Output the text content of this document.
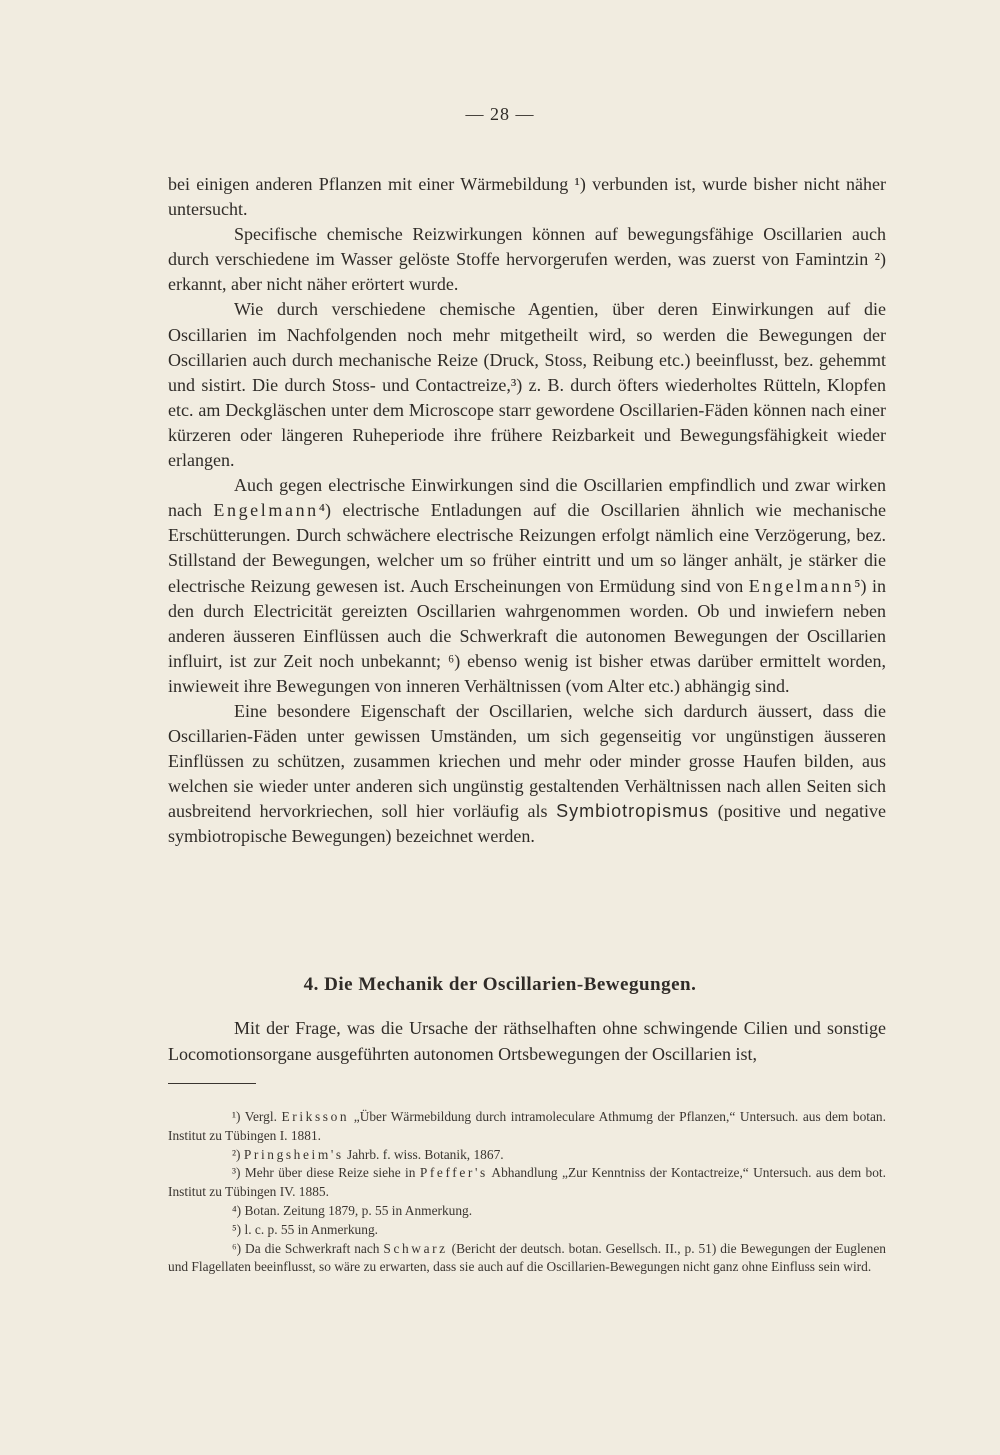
— 28 —

bei einigen anderen Pflanzen mit einer Wärmebildung ¹) verbunden ist, wurde bisher nicht näher untersucht.

Specifische chemische Reizwirkungen können auf bewegungsfähige Oscillarien auch durch verschiedene im Wasser gelöste Stoffe hervorgerufen werden, was zuerst von Famintzin ²) erkannt, aber nicht näher erörtert wurde.

Wie durch verschiedene chemische Agentien, über deren Einwirkungen auf die Oscillarien im Nachfolgenden noch mehr mitgetheilt wird, so werden die Bewegungen der Oscillarien auch durch mechanische Reize (Druck, Stoss, Reibung etc.) beeinflusst, bez. gehemmt und sistirt. Die durch Stoss- und Contactreize,³) z. B. durch öfters wiederholtes Rütteln, Klopfen etc. am Deckgläschen unter dem Microscope starr gewordene Oscillarien-Fäden können nach einer kürzeren oder längeren Ruheperiode ihre frühere Reizbarkeit und Bewegungsfähigkeit wieder erlangen.

Auch gegen electrische Einwirkungen sind die Oscillarien empfindlich und zwar wirken nach Engelmann⁴) electrische Entladungen auf die Oscillarien ähnlich wie mechanische Erschütterungen. Durch schwächere electrische Reizungen erfolgt nämlich eine Verzögerung, bez. Stillstand der Bewegungen, welcher um so früher eintritt und um so länger anhält, je stärker die electrische Reizung gewesen ist. Auch Erscheinungen von Ermüdung sind von Engelmann⁵) in den durch Electricität gereizten Oscillarien wahrgenommen worden. Ob und inwiefern neben anderen äusseren Einflüssen auch die Schwerkraft die autonomen Bewegungen der Oscillarien influirt, ist zur Zeit noch unbekannt; ⁶) ebenso wenig ist bisher etwas darüber ermittelt worden, inwieweit ihre Bewegungen von inneren Verhältnissen (vom Alter etc.) abhängig sind.

Eine besondere Eigenschaft der Oscillarien, welche sich dardurch äussert, dass die Oscillarien-Fäden unter gewissen Umständen, um sich gegenseitig vor ungünstigen äusseren Einflüssen zu schützen, zusammen kriechen und mehr oder minder grosse Haufen bilden, aus welchen sie wieder unter anderen sich ungünstig gestaltenden Verhältnissen nach allen Seiten sich ausbreitend hervorkriechen, soll hier vorläufig als Symbiotropismus (positive und negative symbiotropische Bewegungen) bezeichnet werden.

4. Die Mechanik der Oscillarien-Bewegungen.

Mit der Frage, was die Ursache der räthselhaften ohne schwingende Cilien und sonstige Locomotionsorgane ausgeführten autonomen Ortsbewegungen der Oscillarien ist,

¹) Vergl. Eriksson „Über Wärmebildung durch intramoleculare Athmumg der Pflanzen,“ Untersuch. aus dem botan. Institut zu Tübingen I. 1881.

²) Pringsheim's Jahrb. f. wiss. Botanik, 1867.

³) Mehr über diese Reize siehe in Pfeffer's Abhandlung „Zur Kenntniss der Kontactreize,“ Untersuch. aus dem bot. Institut zu Tübingen IV. 1885.

⁴) Botan. Zeitung 1879, p. 55 in Anmerkung.

⁵) l. c. p. 55 in Anmerkung.

⁶) Da die Schwerkraft nach Schwarz (Bericht der deutsch. botan. Gesellsch. II., p. 51) die Bewegungen der Euglenen und Flagellaten beeinflusst, so wäre zu erwarten, dass sie auch auf die Oscillarien-Bewegungen nicht ganz ohne Einfluss sein wird.
